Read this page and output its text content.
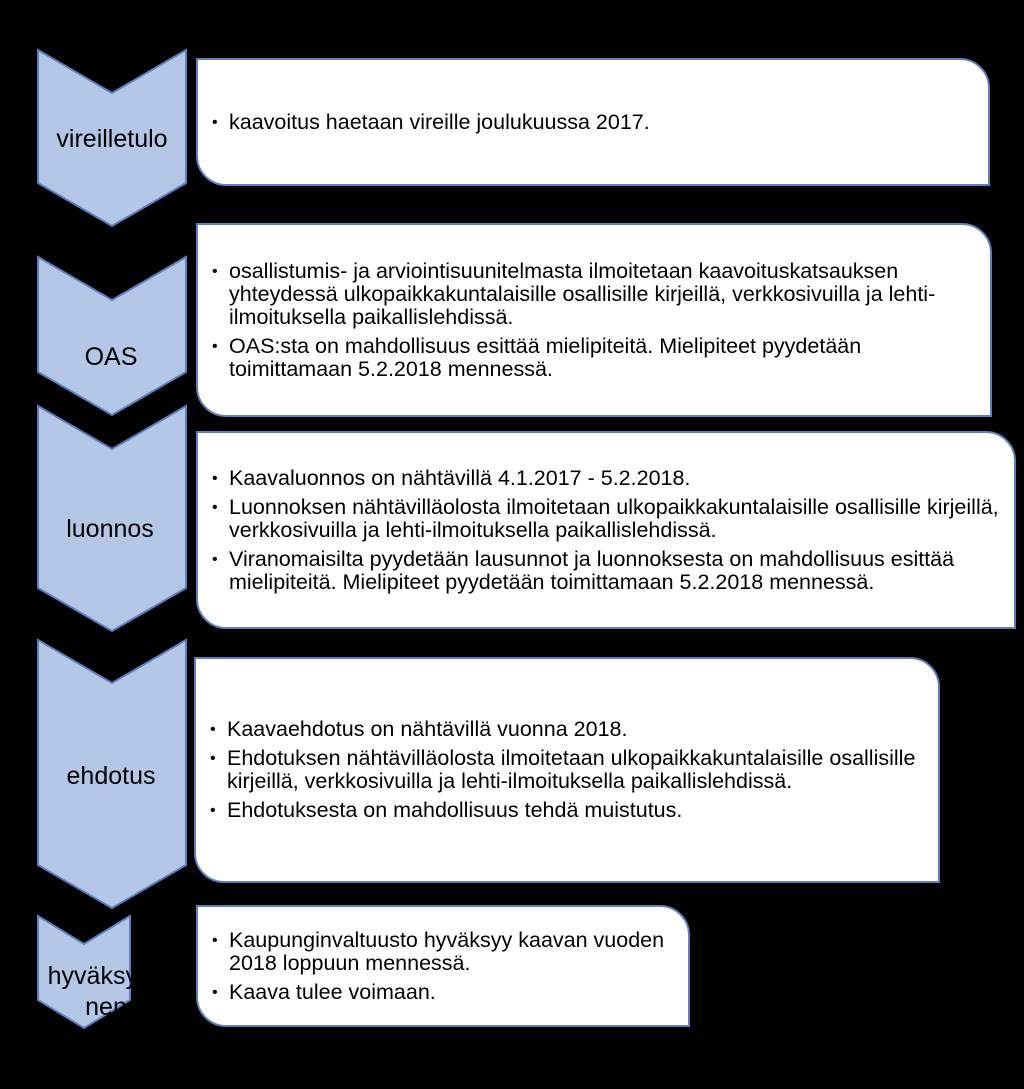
vireilletulo
OAS
luonnos
ehdotus
hyväksymi
nen
• kaavoitus haetaan vireille joulukuussa 2017.
• osallistumis- ja arviointisuunitelmasta ilmoitetaan kaavoituskatsauksen yhteydessä ulkopaikkakuntalaisille osallisille kirjeillä, verkkosivuilla ja lehti-ilmoituksella paikallislehdissä.
• OAS:sta on mahdollisuus esittää mielipiteitä. Mielipiteet pyydetään toimittamaan 5.2.2018 mennessä.
• Kaavaluonnos on nähtävillä 4.1.2017 - 5.2.2018.
• Luonnoksen nähtävilläolosta ilmoitetaan ulkopaikkakuntalaisille osallisille kirjeillä, verkkosivuilla ja lehti-ilmoituksella paikallislehdissä.
• Viranomaisilta pyydetään lausunnot ja luonnoksesta on mahdollisuus esittää mielipiteitä. Mielipiteet pyydetään toimittamaan 5.2.2018 mennessä.
• Kaavaehdotus on nähtävillä vuonna 2018.
• Ehdotuksen nähtävilläolosta ilmoitetaan ulkopaikkakuntalaisille osallisille kirjeillä, verkkosivuilla ja lehti-ilmoituksella paikallislehdissä.
• Ehdotuksesta on mahdollisuus tehdä muistutus.
• Kaupunginvaltuusto hyväksyy kaavan vuoden 2018 loppuun mennessä.
• Kaava tulee voimaan.
